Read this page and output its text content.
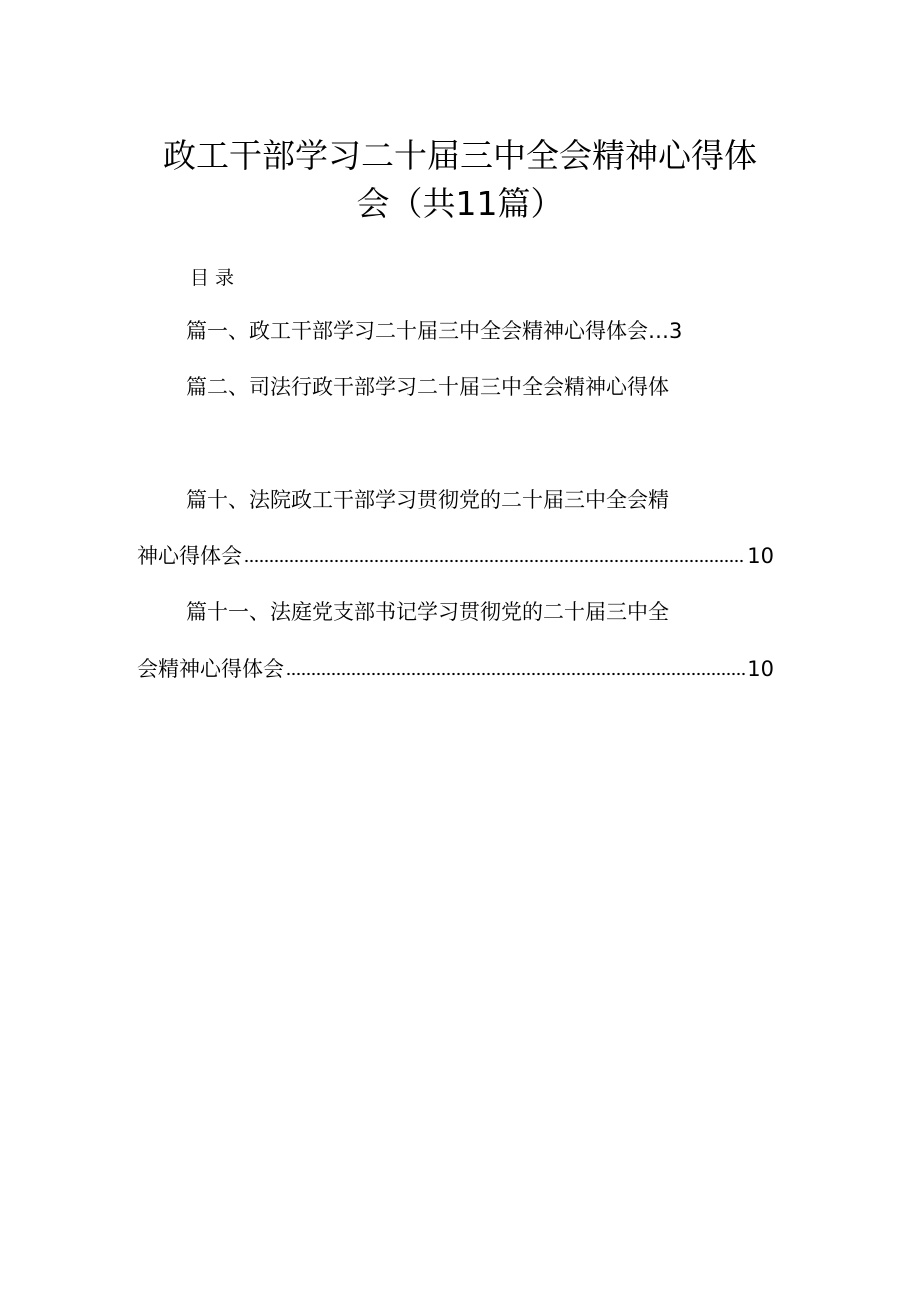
政工干部学习二十届三中全会精神心得体
会（共11篇）
目录
篇一、政工干部学习二十届三中全会精神心得体会…3
篇二、司法行政干部学习二十届三中全会精神心得体
篇十、法院政工干部学习贯彻党的二十届三中全会精
神心得体会	10
篇十一、法庭党支部书记学习贯彻党的二十届三中全
会精神心得体会	10
